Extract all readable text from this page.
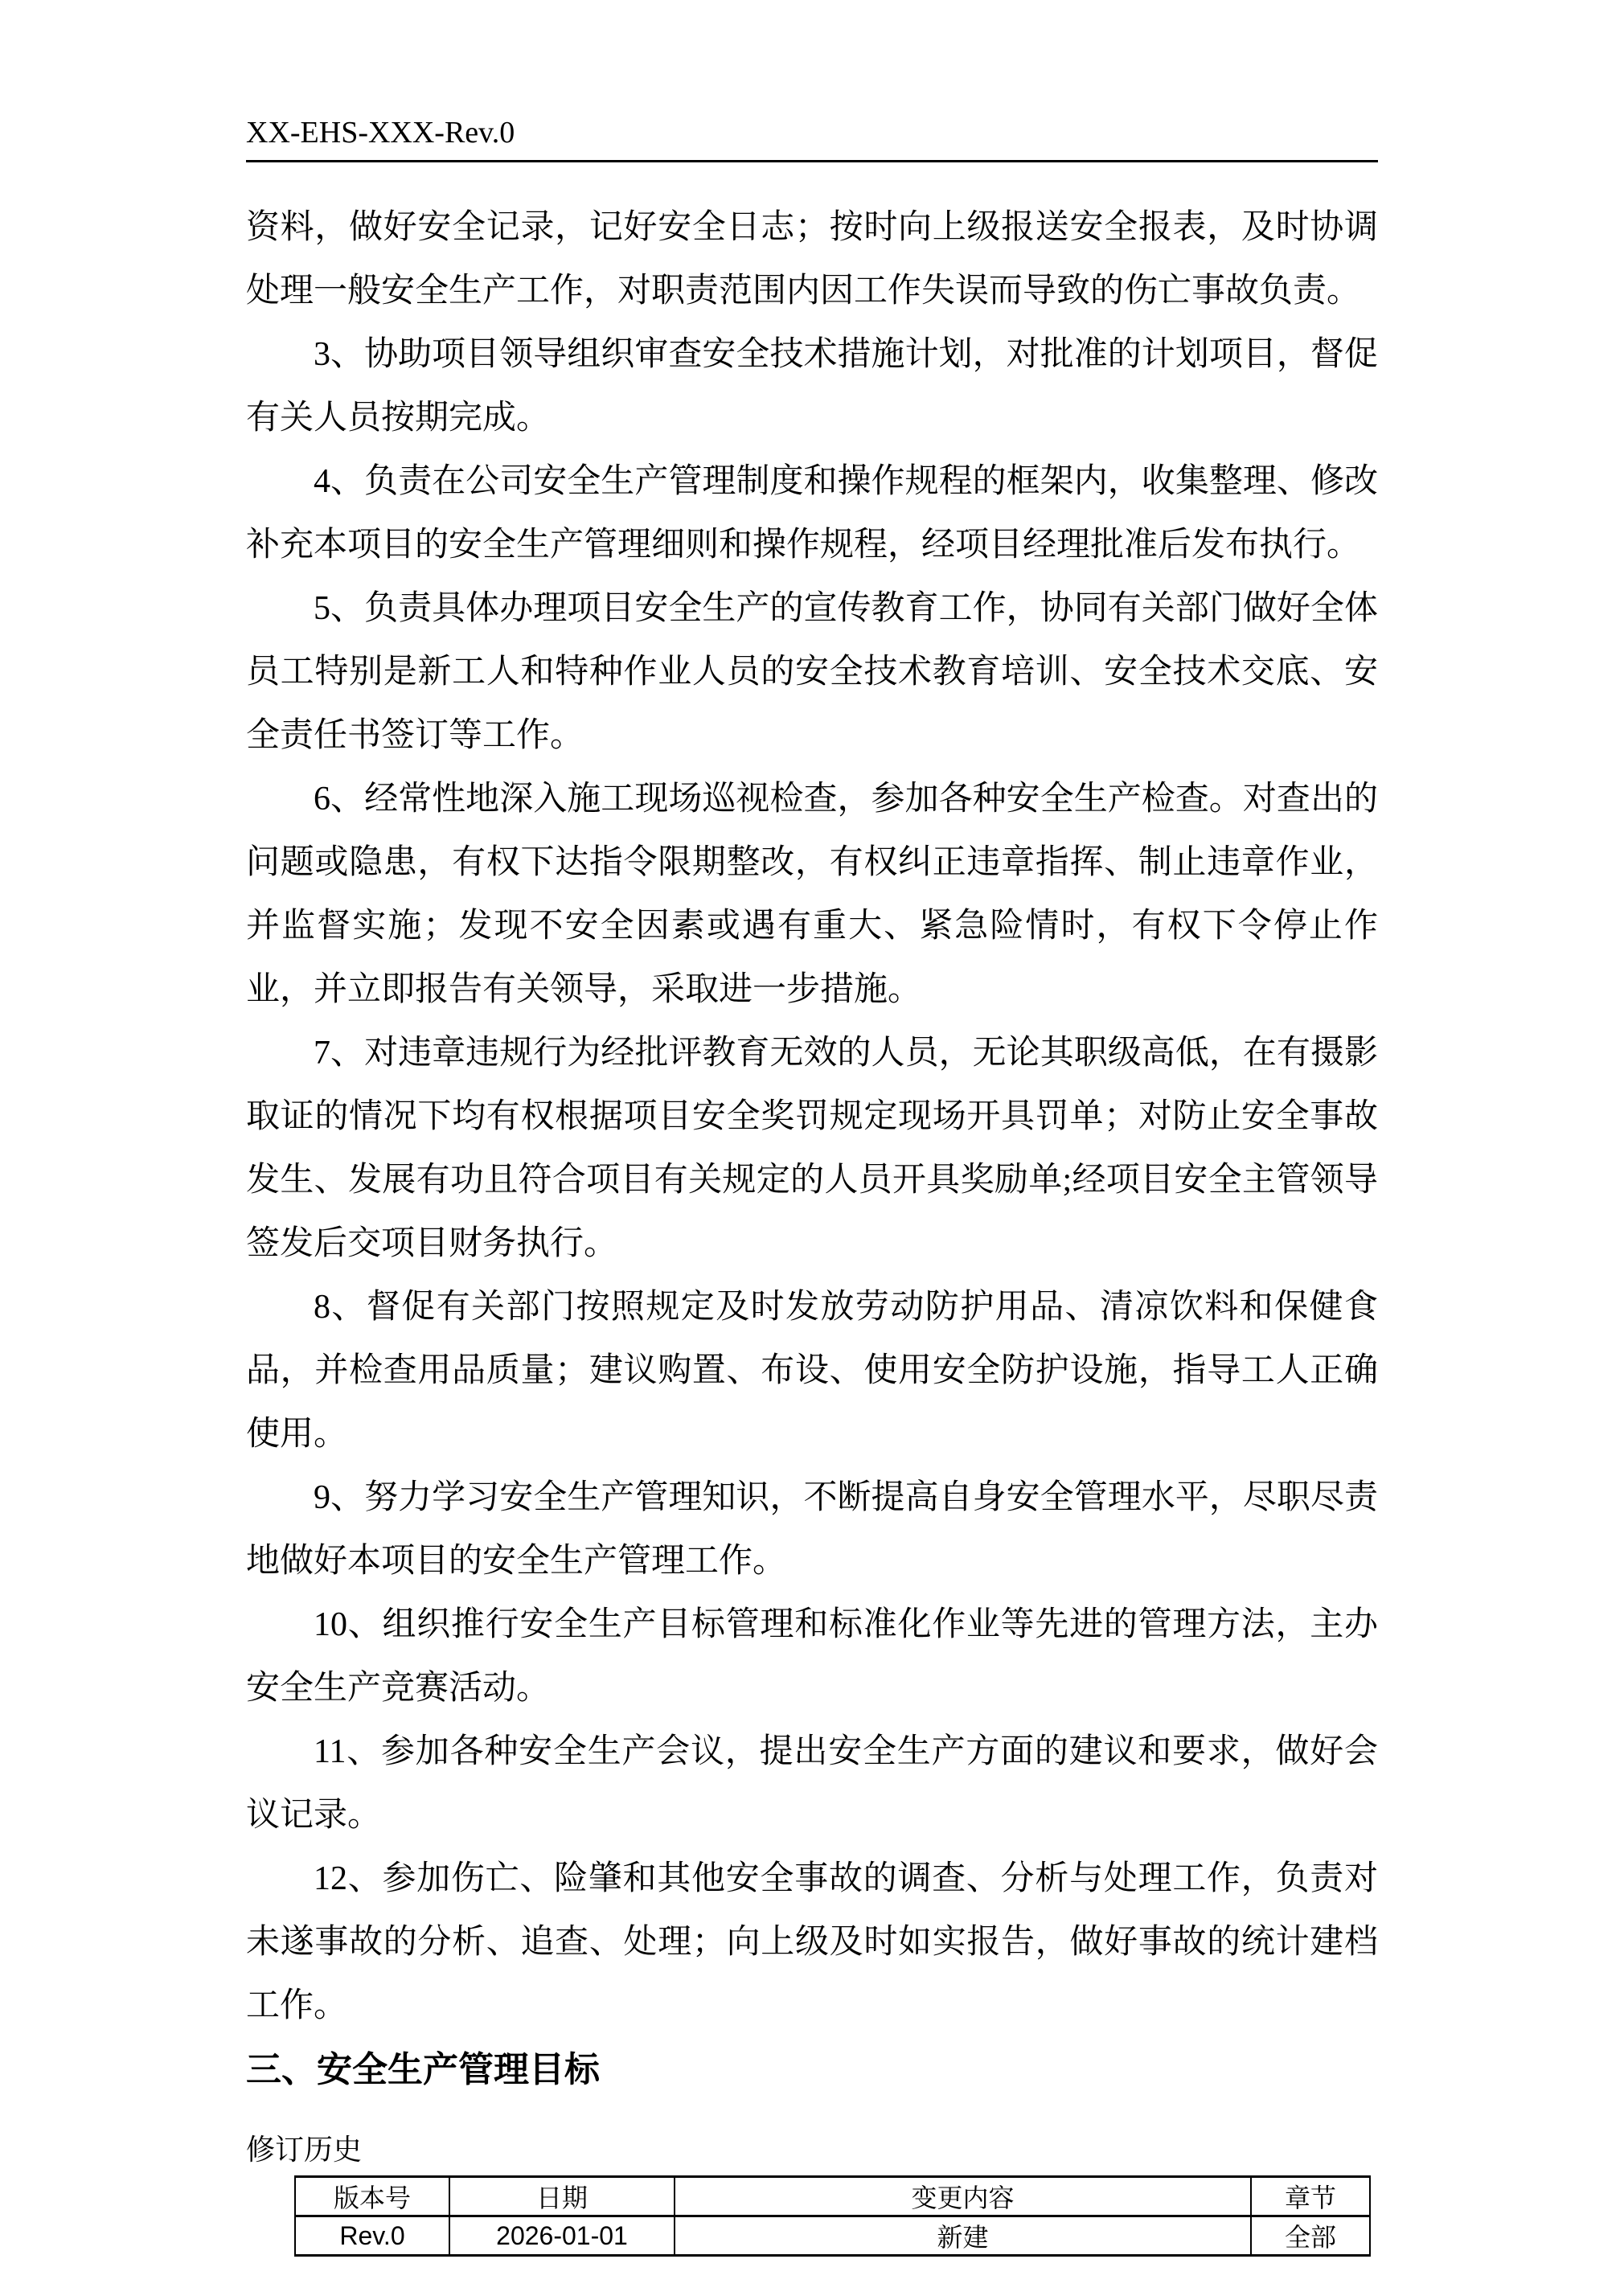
XX-EHS-XXX-Rev.0

资料，做好安全记录，记好安全日志；按时向上级报送安全报表，及时协调处理一般安全生产工作，对职责范围内因工作失误而导致的伤亡事故负责。

3、协助项目领导组织审查安全技术措施计划，对批准的计划项目，督促有关人员按期完成。

4、负责在公司安全生产管理制度和操作规程的框架内，收集整理、修改补充本项目的安全生产管理细则和操作规程，经项目经理批准后发布执行。

5、负责具体办理项目安全生产的宣传教育工作，协同有关部门做好全体员工特别是新工人和特种作业人员的安全技术教育培训、安全技术交底、安全责任书签订等工作。

6、经常性地深入施工现场巡视检查，参加各种安全生产检查。对查出的问题或隐患，有权下达指令限期整改，有权纠正违章指挥、制止违章作业，并监督实施；发现不安全因素或遇有重大、紧急险情时，有权下令停止作业，并立即报告有关领导，采取进一步措施。

7、对违章违规行为经批评教育无效的人员，无论其职级高低，在有摄影取证的情况下均有权根据项目安全奖罚规定现场开具罚单；对防止安全事故发生、发展有功且符合项目有关规定的人员开具奖励单;经项目安全主管领导签发后交项目财务执行。

8、督促有关部门按照规定及时发放劳动防护用品、清凉饮料和保健食品，并检查用品质量；建议购置、布设、使用安全防护设施，指导工人正确使用。

9、努力学习安全生产管理知识，不断提高自身安全管理水平，尽职尽责地做好本项目的安全生产管理工作。

10、组织推行安全生产目标管理和标准化作业等先进的管理方法，主办安全生产竞赛活动。

11、参加各种安全生产会议，提出安全生产方面的建议和要求，做好会议记录。

12、参加伤亡、险肇和其他安全事故的调查、分析与处理工作，负责对未遂事故的分析、追查、处理；向上级及时如实报告，做好事故的统计建档工作。

三、安全生产管理目标
修订历史
版本号	日期	变更内容	章节
Rev.0	2026-01-01	新建	全部
